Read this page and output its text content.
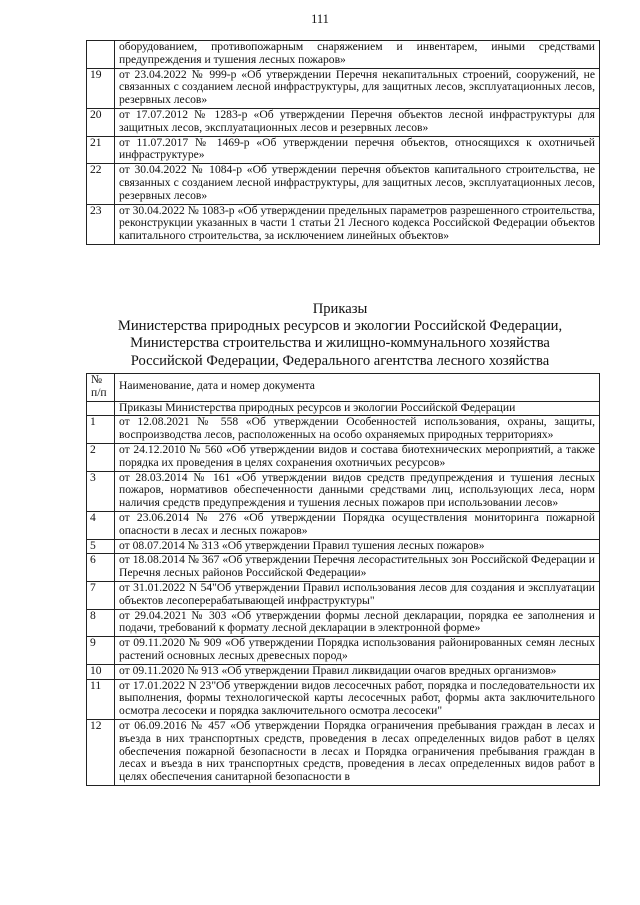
111
	оборудованием, противопожарным снаряжением и инвентарем, иными средствами предупреждения и тушения лесных пожаров»
19	от 23.04.2022 № 999-р «Об утверждении Перечня некапитальных строений, сооружений, не связанных с созданием лесной инфраструктуры, для защитных лесов, эксплуатационных лесов, резервных лесов»
20	от 17.07.2012 № 1283-р «Об утверждении Перечня объектов лесной инфраструктуры для защитных лесов, эксплуатационных лесов и резервных лесов»
21	от 11.07.2017 № 1469-р «Об утверждении перечня объектов, относящихся к охотничьей инфраструктуре»
22	от 30.04.2022 № 1084-р «Об утверждении перечня объектов капитального строительства, не связанных с созданием лесной инфраструктуры, для защитных лесов, эксплуатационных лесов, резервных лесов»
23	от 30.04.2022 № 1083-р «Об утверждении предельных параметров разрешенного строительства, реконструкции указанных в части 1 статьи 21 Лесного кодекса Российской Федерации объектов капитального строительства, за исключением линейных объектов»
Приказы
Министерства природных ресурсов и экологии Российской Федерации,
Министерства строительства и жилищно-коммунального хозяйства
Российской Федерации, Федерального агентства лесного хозяйства
№ п/п	Наименование, дата и номер документа
	Приказы Министерства природных ресурсов и экологии Российской Федерации
1	от 12.08.2021 № 558 «Об утверждении Особенностей использования, охраны, защиты, воспроизводства лесов, расположенных на особо охраняемых природных территориях»
2	от 24.12.2010 № 560 «Об утверждении видов и состава биотехнических мероприятий, а также порядка их проведения в целях сохранения охотничьих ресурсов»
3	от 28.03.2014 № 161 «Об утверждении видов средств предупреждения и тушения лесных пожаров, нормативов обеспеченности данными средствами лиц, использующих леса, норм наличия средств предупреждения и тушения лесных пожаров при использовании лесов»
4	от 23.06.2014 № 276 «Об утверждении Порядка осуществления мониторинга пожарной опасности в лесах и лесных пожаров»
5	от 08.07.2014 № 313 «Об утверждении Правил тушения лесных пожаров»
6	от 18.08.2014 № 367 «Об утверждении Перечня лесорастительных зон Российской Федерации и Перечня лесных районов Российской Федерации»
7	от 31.01.2022 N 54"Об утверждении Правил использования лесов для создания и эксплуатации объектов лесоперерабатывающей инфраструктуры"
8	от 29.04.2021 № 303 «Об утверждении формы лесной декларации, порядка ее заполнения и подачи, требований к формату лесной декларации в электронной форме»
9	от 09.11.2020 № 909 «Об утверждении Порядка использования районированных семян лесных растений основных лесных древесных пород»
10	от 09.11.2020 № 913 «Об утверждении Правил ликвидации очагов вредных организмов»
11	от 17.01.2022 N 23"Об утверждении видов лесосечных работ, порядка и последовательности их выполнения, формы технологической карты лесосечных работ, формы акта заключительного осмотра лесосеки и порядка заключительного осмотра лесосеки"
12	от 06.09.2016 № 457 «Об утверждении Порядка ограничения пребывания граждан в лесах и въезда в них транспортных средств, проведения в лесах определенных видов работ в целях обеспечения пожарной безопасности в лесах и Порядка ограничения пребывания граждан в лесах и въезда в них транспортных средств, проведения в лесах определенных видов работ в целях обеспечения санитарной безопасности в
